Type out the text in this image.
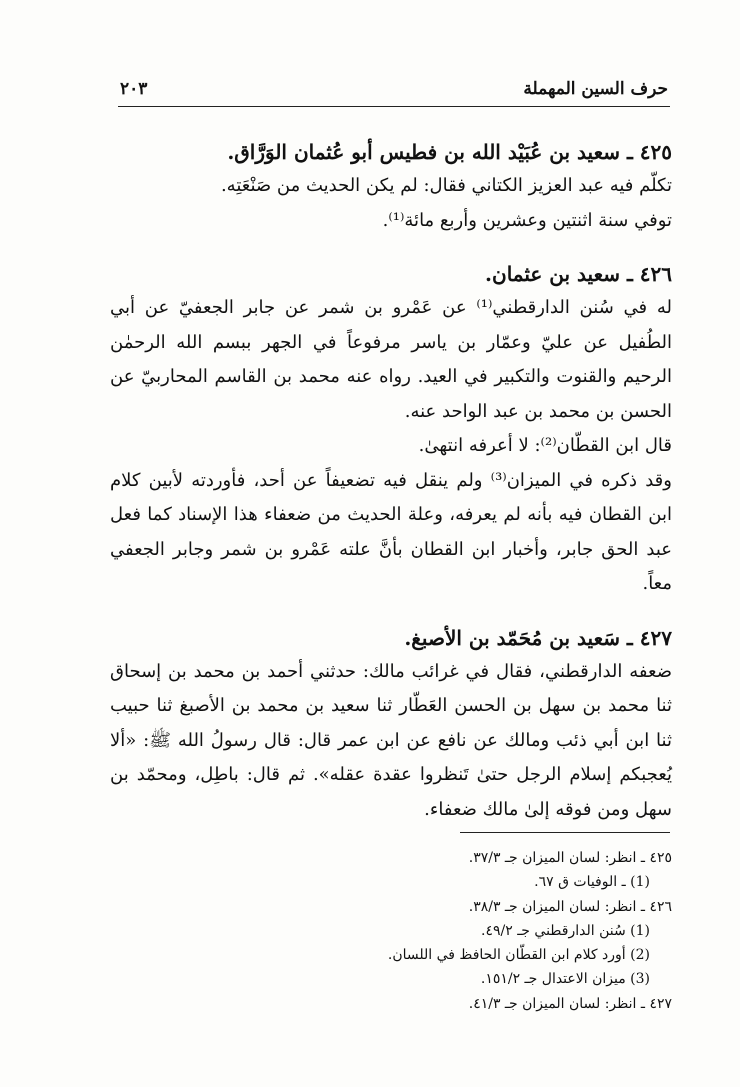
حرف السين المهملة
٢٠٣

٤٢٥ ـ سعيد بن عُبَيْد الله بن فطيس أبو عُثمان الوَرَّاق.

تكلّم فيه عبد العزيز الكتاني فقال: لم يكن الحديث من صَنْعَتِه.

توفي سنة اثنتين وعشرين وأربع مائة⁽¹⁾.

٤٢٦ ـ سعيد بن عثمان.

له في سُنن الدارقطني⁽¹⁾ عن عَمْرو بن شمر عن جابر الجعفيّ عن أبي الطُفيل عن عليّ وعمّار بن ياسر مرفوعاً في الجهر ببسم الله الرحمٰن الرحيم والقنوت والتكبير في العيد. رواه عنه محمد بن القاسم المحاربيّ عن الحسن بن محمد بن عبد الواحد عنه.

قال ابن القطّان⁽²⁾: لا أعرفه انتهىٰ.

وقد ذكره في الميزان⁽³⁾ ولم ينقل فيه تضعيفاً عن أحد، فأوردته لأبين كلام ابن القطان فيه بأنه لم يعرفه، وعلة الحديث من ضعفاء هذا الإسناد كما فعل عبد الحق جابر، وأخبار ابن القطان بأنَّ علته عَمْرو بن شمر وجابر الجعفي معاً.

٤٢٧ ـ سَعيد بن مُحَمّد بن الأصبغ.

ضعفه الدارقطني، فقال في غرائب مالك: حدثني أحمد بن محمد بن إسحاق ثنا محمد بن سهل بن الحسن العَطّار ثنا سعيد بن محمد بن الأصبغ ثنا حبيب ثنا ابن أبي ذئب ومالك عن نافع عن ابن عمر قال: قال رسولُ الله ﷺ: «ألا يُعجبكم إسلام الرجل حتىٰ تَنظروا عقدة عقله». ثم قال: باطِل، ومحمّد بن سهل ومن فوقه إلىٰ مالك ضعفاء.

٤٢٥ ـ انظر: لسان الميزان جـ ٣٧/٣.

(1) ـ الوفيات ق ٦٧.

٤٢٦ ـ انظر: لسان الميزان جـ ٣٨/٣.

(1) سُنن الدارقطني جـ ٤٩/٢.

(2) أورد كلام ابن القطّان الحافظ في اللسان.

(3) ميزان الاعتدال جـ ١٥١/٢.

٤٢٧ ـ انظر: لسان الميزان جـ ٤١/٣.
